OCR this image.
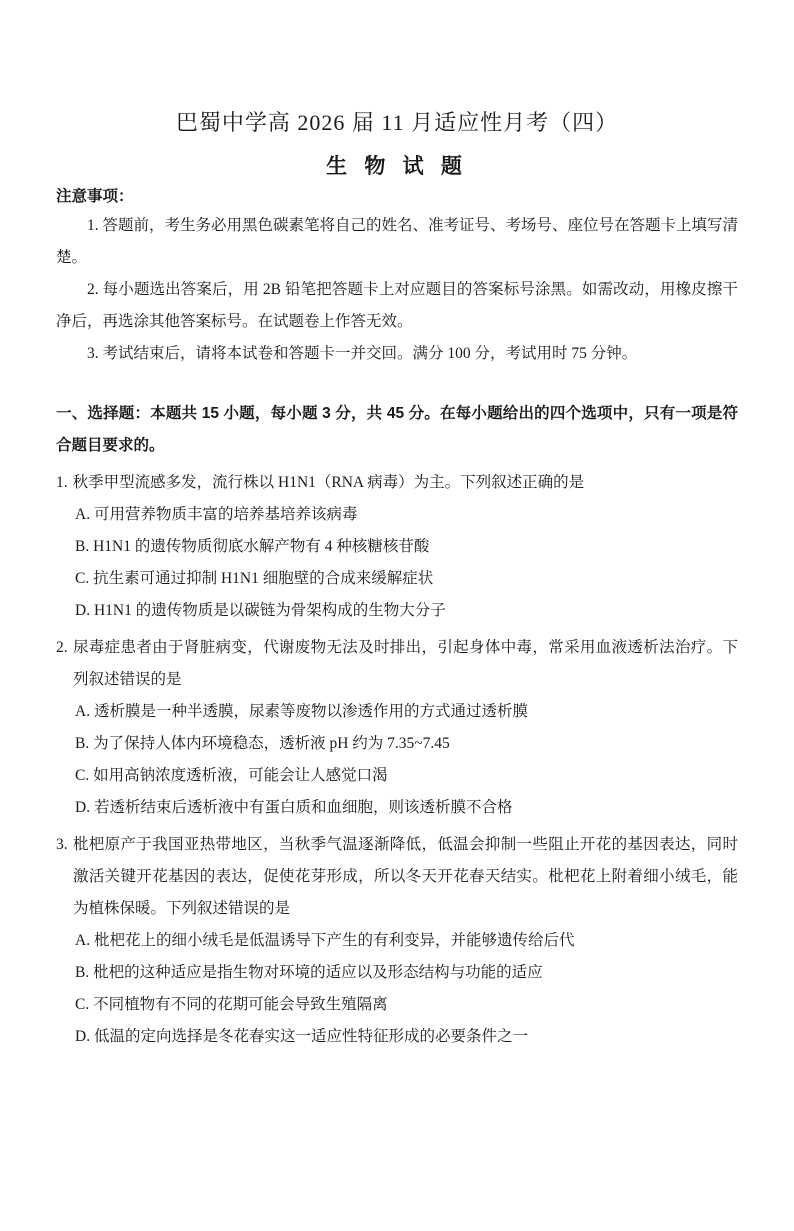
巴蜀中学高 2026 届 11 月适应性月考（四）
生 物 试 题

注意事项：

1. 答题前，考生务必用黑色碳素笔将自己的姓名、准考证号、考场号、座位号在答题卡上填写清楚。

2. 每小题选出答案后，用 2B 铅笔把答题卡上对应题目的答案标号涂黑。如需改动，用橡皮擦干净后，再选涂其他答案标号。在试题卷上作答无效。

3. 考试结束后，请将本试卷和答题卡一并交回。满分 100 分，考试用时 75 分钟。

一、选择题：本题共 15 小题，每小题 3 分，共 45 分。在每小题给出的四个选项中，只有一项是符合题目要求的。

1. 秋季甲型流感多发，流行株以 H1N1（RNA 病毒）为主。下列叙述正确的是

A. 可用营养物质丰富的培养基培养该病毒

B. H1N1 的遗传物质彻底水解产物有 4 种核糖核苷酸

C. 抗生素可通过抑制 H1N1 细胞壁的合成来缓解症状

D. H1N1 的遗传物质是以碳链为骨架构成的生物大分子

2. 尿毒症患者由于肾脏病变，代谢废物无法及时排出，引起身体中毒，常采用血液透析法治疗。下列叙述错误的是

A. 透析膜是一种半透膜，尿素等废物以渗透作用的方式通过透析膜

B. 为了保持人体内环境稳态，透析液 pH 约为 7.35~7.45

C. 如用高钠浓度透析液，可能会让人感觉口渴

D. 若透析结束后透析液中有蛋白质和血细胞，则该透析膜不合格

3. 枇杷原产于我国亚热带地区，当秋季气温逐渐降低，低温会抑制一些阻止开花的基因表达，同时激活关键开花基因的表达，促使花芽形成，所以冬天开花春天结实。枇杷花上附着细小绒毛，能为植株保暖。下列叙述错误的是

A. 枇杷花上的细小绒毛是低温诱导下产生的有利变异，并能够遗传给后代

B. 枇杷的这种适应是指生物对环境的适应以及形态结构与功能的适应

C. 不同植物有不同的花期可能会导致生殖隔离

D. 低温的定向选择是冬花春实这一适应性特征形成的必要条件之一
